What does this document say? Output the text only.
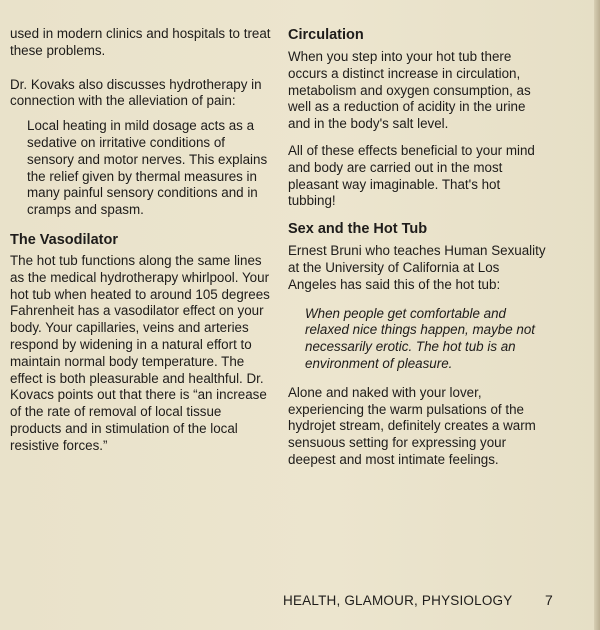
used in modern clinics and hospitals to treat these problems.

Dr. Kovaks also discusses hydrotherapy in connection with the alleviation of pain:

Local heating in mild dosage acts as a sedative on irritative conditions of sensory and motor nerves. This explains the relief given by thermal measures in many painful sensory conditions and in cramps and spasm.

The Vasodilator

The hot tub functions along the same lines as the medical hydrotherapy whirlpool. Your hot tub when heated to around 105 degrees Fahrenheit has a vasodilator effect on your body. Your capillaries, veins and arteries respond by widening in a natural effort to maintain normal body temperature. The effect is both pleasurable and healthful. Dr. Kovacs points out that there is “an increase of the rate of removal of local tissue products and in stimulation of the local resistive forces.”

Circulation

When you step into your hot tub there occurs a distinct increase in circulation, metabolism and oxygen consumption, as well as a reduction of acidity in the urine and in the body's salt level.

All of these effects beneficial to your mind and body are carried out in the most pleasant way imaginable. That's hot tubbing!

Sex and the Hot Tub

Ernest Bruni who teaches Human Sexuality at the University of California at Los Angeles has said this of the hot tub:

When people get comfortable and relaxed nice things happen, maybe not necessarily erotic. The hot tub is an environment of pleasure.

Alone and naked with your lover, experiencing the warm pulsations of the hydrojet stream, definitely creates a warm sensuous setting for expressing your deepest and most intimate feelings.

HEALTH, GLAMOUR, PHYSIOLOGY 7
